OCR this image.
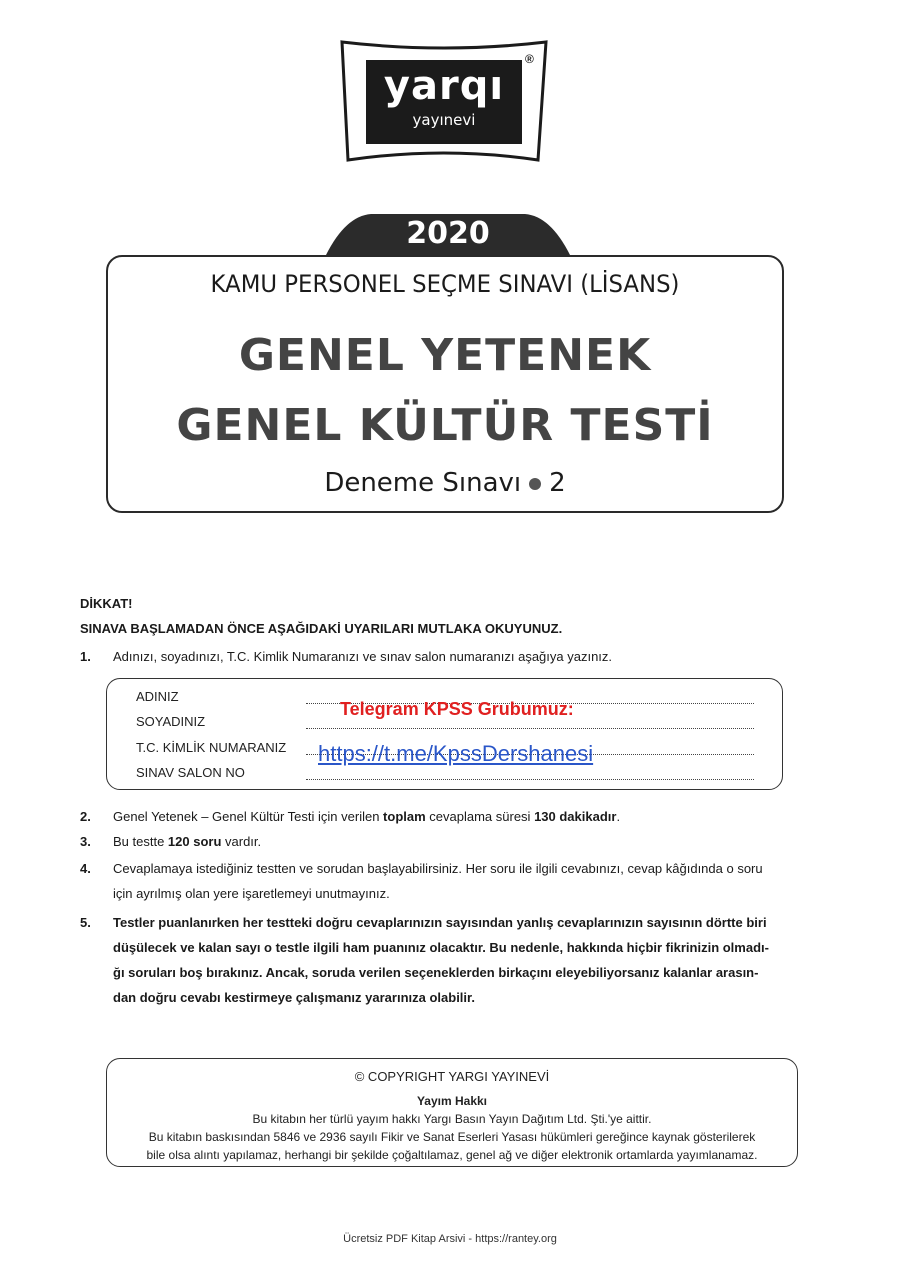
yarqı
yayınevi
®
2020
KAMU PERSONEL SEÇME SINAVI (LİSANS)
GENEL YETENEK
GENEL KÜLTÜR TESTİ
Deneme Sınavı 2
DİKKAT!
SINAVA BAŞLAMADAN ÖNCE AŞAĞIDAKİ UYARILARI MUTLAKA OKUYUNUZ.
1.	Adınızı, soyadınızı, T.C. Kimlik Numaranızı ve sınav salon numaranızı aşağıya yazınız.
ADINIZ
SOYADINIZ
T.C. KİMLİK NUMARANIZ
SINAV SALON NO
Telegram KPSS Grubumuz:
https://t.me/KpssDershanesi
2.	Genel Yetenek – Genel Kültür Testi için verilen toplam cevaplama süresi 130 dakikadır.
3.	Bu testte 120 soru vardır.
4.	Cevaplamaya istediğiniz testten ve sorudan başlayabilirsiniz. Her soru ile ilgili cevabınızı, cevap kâğıdında o soru
için ayrılmış olan yere işaretlemeyi unutmayınız.
5.	Testler puanlanırken her testteki doğru cevaplarınızın sayısından yanlış cevaplarınızın sayısının dörtte biri
düşülecek ve kalan sayı o testle ilgili ham puanınız olacaktır. Bu nedenle, hakkında hiçbir fikrinizin olmadı-
ğı soruları boş bırakınız. Ancak, soruda verilen seçeneklerden birkaçını eleyebiliyorsanız kalanlar arasın-
dan doğru cevabı kestirmeye çalışmanız yararınıza olabilir.
© COPYRIGHT YARGI YAYINEVİ
Yayım Hakkı
Bu kitabın her türlü yayım hakkı Yargı Basın Yayın Dağıtım Ltd. Şti.'ye aittir.
Bu kitabın baskısından 5846 ve 2936 sayılı Fikir ve Sanat Eserleri Yasası hükümleri gereğince kaynak gösterilerek
bile olsa alıntı yapılamaz, herhangi bir şekilde çoğaltılamaz, genel ağ ve diğer elektronik ortamlarda yayımlanamaz.
Ücretsiz PDF Kitap Arsivi - https://rantey.org
